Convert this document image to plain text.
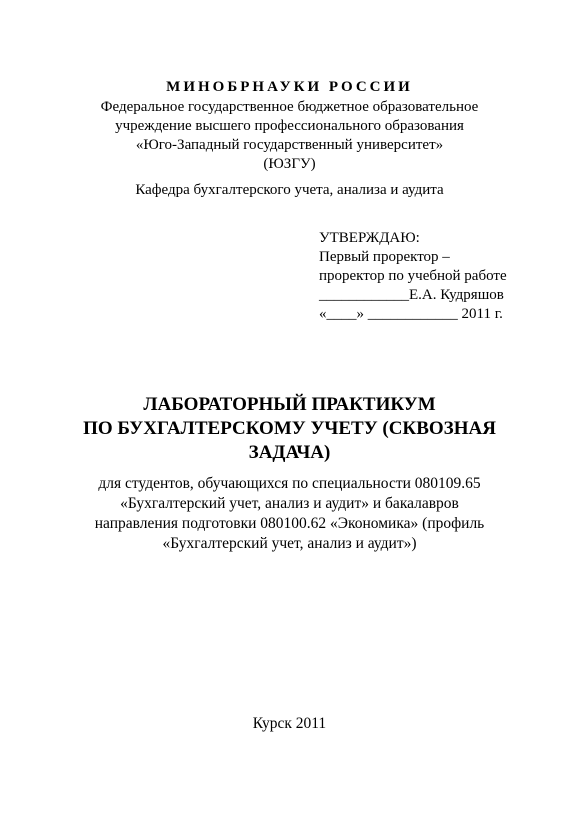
МИНОБРНАУКИ РОССИИ
Федеральное государственное бюджетное образовательное
учреждение высшего профессионального образования
«Юго-Западный государственный университет»
(ЮЗГУ)
Кафедра бухгалтерского учета, анализа и аудита
УТВЕРЖДАЮ:
Первый проректор –
проректор по учебной работе
____________Е.А. Кудряшов
«____» ____________ 2011 г.
ЛАБОРАТОРНЫЙ ПРАКТИКУМ
ПО БУХГАЛТЕРСКОМУ УЧЕТУ (СКВОЗНАЯ
ЗАДАЧА)
для студентов, обучающихся по специальности 080109.65
«Бухгалтерский учет, анализ и аудит» и бакалавров
направления подготовки 080100.62 «Экономика» (профиль
«Бухгалтерский учет, анализ и аудит»)
Курск 2011
